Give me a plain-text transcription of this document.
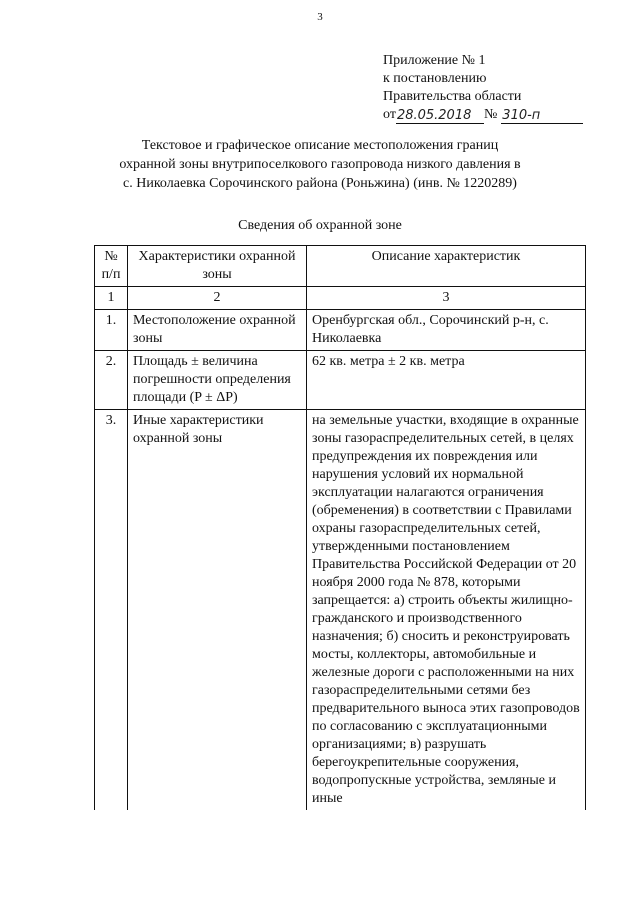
3
Приложение № 1
к постановлению
Правительства области
от 28.05.2018 № 310-п
Текстовое и графическое описание местоположения границ
охранной зоны внутрипоселкового газопровода низкого давления в
с. Николаевка Сорочинского района (Роньжина) (инв. № 1220289)
Сведения об охранной зоне
№ п/п	Характеристики охранной зоны	Описание характеристик
1	2	3
1.	Местоположение охранной зоны	Оренбургская обл., Сорочинский р-н, с. Николаевка
2.	Площадь ± величина погрешности определения площади (P ± ΔP)	62 кв. метра ± 2 кв. метра
3.	Иные характеристики охранной зоны	на земельные участки, входящие в охранные зоны газораспределительных сетей, в целях предупреждения их повреждения или нарушения условий их нормальной эксплуатации налагаются ограничения (обременения) в соответствии с Правилами охраны газораспределительных сетей, утвержденными постановлением Правительства Российской Федерации от 20 ноября 2000 года № 878, которыми запрещается: а) строить объекты жилищно-гражданского и производственного назначения; б) сносить и реконструировать мосты, коллекторы, автомобильные и железные дороги с расположенными на них газораспределительными сетями без предварительного выноса этих газопроводов по согласованию с эксплуатационными организациями; в) разрушать берегоукрепительные сооружения, водопропускные устройства, земляные и иные
